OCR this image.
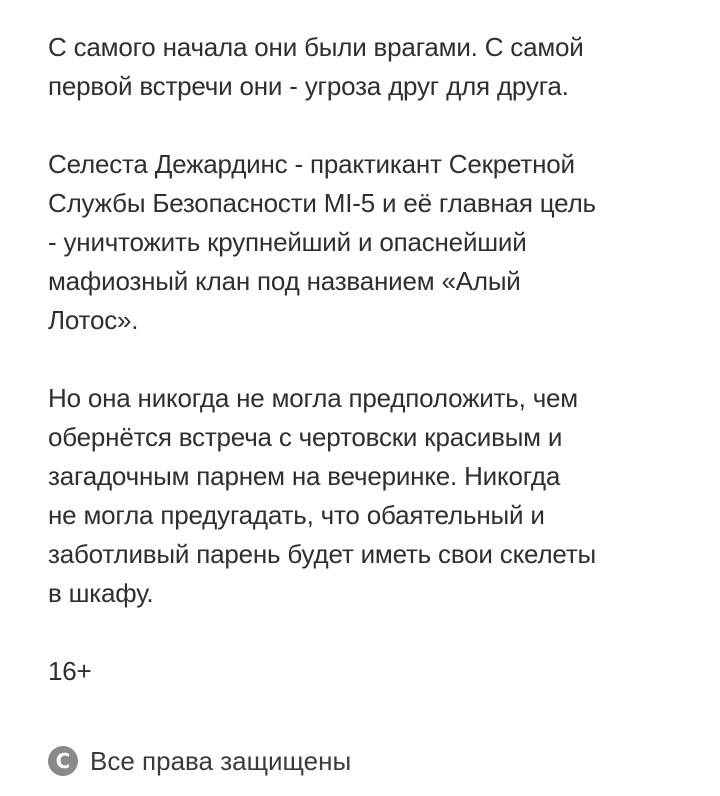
С самого начала они были врагами. С самой
первой встречи они - угроза друг для друга.

Селеста Дежардинс - практикант Секретной
Службы Безопасности MI-5 и её главная цель
- уничтожить крупнейший и опаснейший
мафиозный клан под названием «Алый
Лотос».

Но она никогда не могла предположить, чем
обернётся встреча с чертовски красивым и
загадочным парнем на вечеринке. Никогда
не могла предугадать, что обаятельный и
заботливый парень будет иметь свои скелеты
в шкафу.

16+

C Все права защищены
